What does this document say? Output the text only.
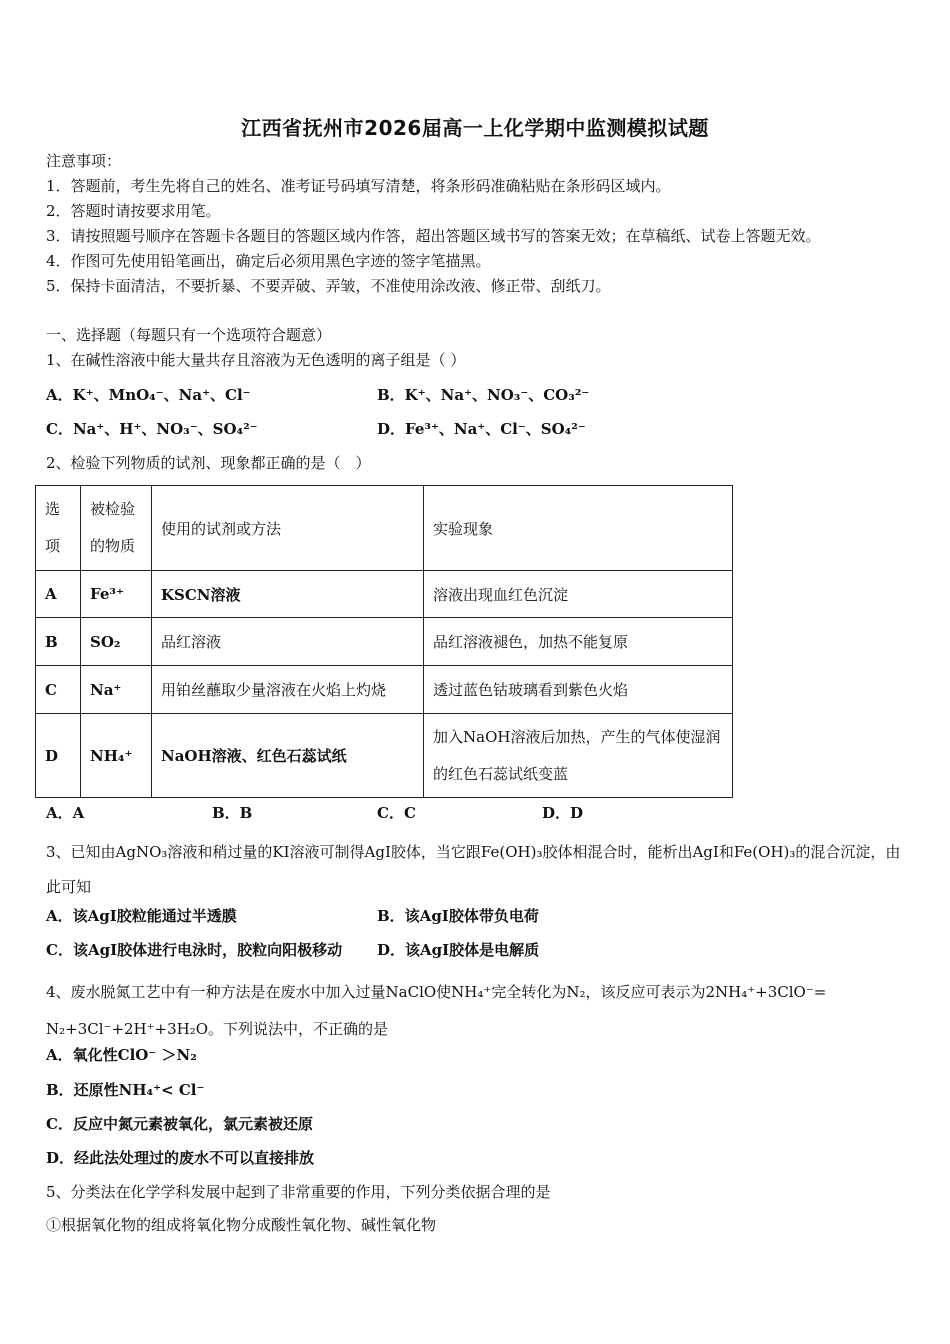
江西省抚州市2026届高一上化学期中监测模拟试题
注意事项：
1．答题前，考生先将自己的姓名、准考证号码填写清楚，将条形码准确粘贴在条形码区域内。
2．答题时请按要求用笔。
3．请按照题号顺序在答题卡各题目的答题区域内作答，超出答题区域书写的答案无效；在草稿纸、试卷上答题无效。
4．作图可先使用铅笔画出，确定后必须用黑色字迹的签字笔描黑。
5．保持卡面清洁，不要折暴、不要弄破、弄皱，不准使用涂改液、修正带、刮纸刀。
一、选择题（每题只有一个选项符合题意）
1、在碱性溶液中能大量共存且溶液为无色透明的离子组是（ ）
A．K⁺、MnO₄⁻、Na⁺、Cl⁻	B．K⁺、Na⁺、NO₃⁻、CO₃²⁻
C．Na⁺、H⁺、NO₃⁻、SO₄²⁻	D．Fe³⁺、Na⁺、Cl⁻、SO₄²⁻
2、检验下列物质的试剂、现象都正确的是（　）
选项	被检验的物质	使用的试剂或方法	实验现象
A	Fe³⁺	KSCN溶液	溶液出现血红色沉淀
B	SO₂	品红溶液	品红溶液褪色，加热不能复原
C	Na⁺	用铂丝蘸取少量溶液在火焰上灼烧	透过蓝色钴玻璃看到紫色火焰
D	NH₄⁺	NaOH溶液、红色石蕊试纸	加入NaOH溶液后加热，产生的气体使湿润的红色石蕊试纸变蓝
A．A	B．B	C．C	D．D
3、已知由AgNO₃溶液和稍过量的KI溶液可制得AgI胶体，当它跟Fe(OH)₃胶体相混合时，能析出AgI和Fe(OH)₃的混合沉淀，由此可知
A．该AgI胶粒能通过半透膜	B．该AgI胶体带负电荷
C．该AgI胶体进行电泳时，胶粒向阳极移动 D．该AgI胶体是电解质
4、废水脱氮工艺中有一种方法是在废水中加入过量NaClO使NH₄⁺完全转化为N₂，该反应可表示为2NH₄⁺+3ClO⁻= N₂+3Cl⁻+2H⁺+3H₂O。下列说法中，不正确的是
A．氧化性ClO⁻ ＞N₂
B．还原性NH₄⁺< Cl⁻
C．反应中氮元素被氧化，氯元素被还原
D．经此法处理过的废水不可以直接排放
5、分类法在化学学科发展中起到了非常重要的作用，下列分类依据合理的是
①根据氧化物的组成将氧化物分成酸性氧化物、碱性氧化物
